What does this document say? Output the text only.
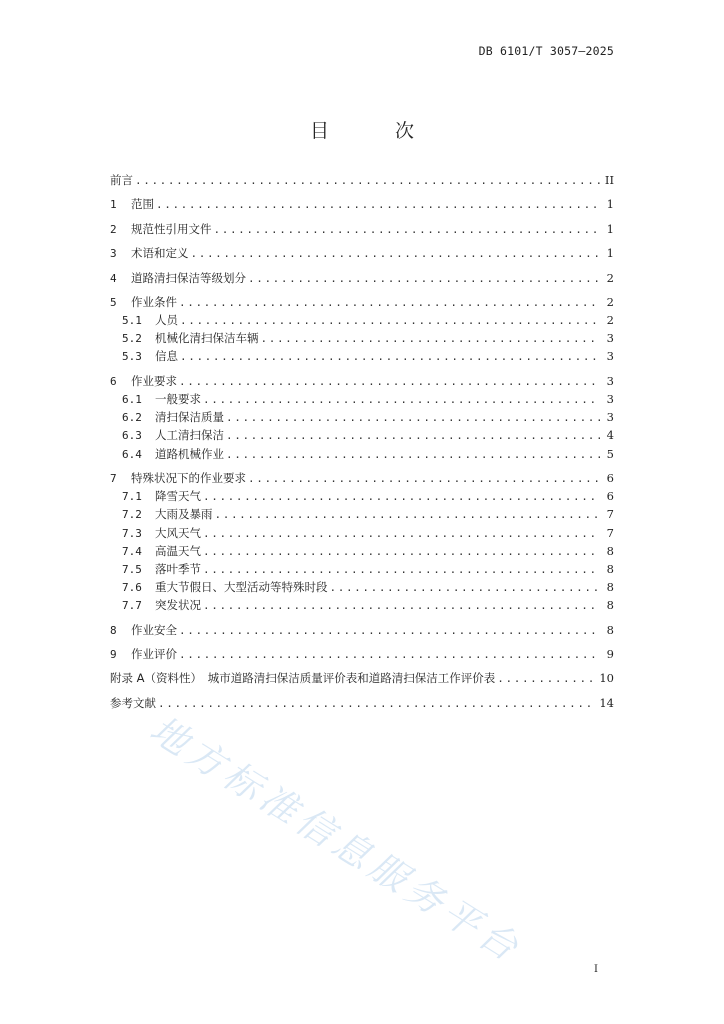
DB 6101/T 3057—2025
目 次
前言 .....	II
1	范围 .....	1
2	规范性引用文件 .....	1
3	术语和定义 .....	1
4	道路清扫保洁等级划分 .....	2
5	作业条件 .....	2
5.1	人员 .....	2
5.2	机械化清扫保洁车辆 .....	3
5.3	信息 .....	3
6	作业要求 .....	3
6.1	一般要求 .....	3
6.2	清扫保洁质量 .....	3
6.3	人工清扫保洁 .....	4
6.4	道路机械作业 .....	5
7	特殊状况下的作业要求 .....	6
7.1	降雪天气 .....	6
7.2	大雨及暴雨 .....	7
7.3	大风天气 .....	7
7.4	高温天气 .....	8
7.5	落叶季节 .....	8
7.6	重大节假日、大型活动等特殊时段 .....	8
7.7	突发状况 .....	8
8	作业安全 .....	8
9	作业评价 .....	9
附录 A（资料性）　城市道路清扫保洁质量评价表和道路清扫保洁工作评价表 .....	10
参考文献 .....	14
地方标准信息服务平台	I
